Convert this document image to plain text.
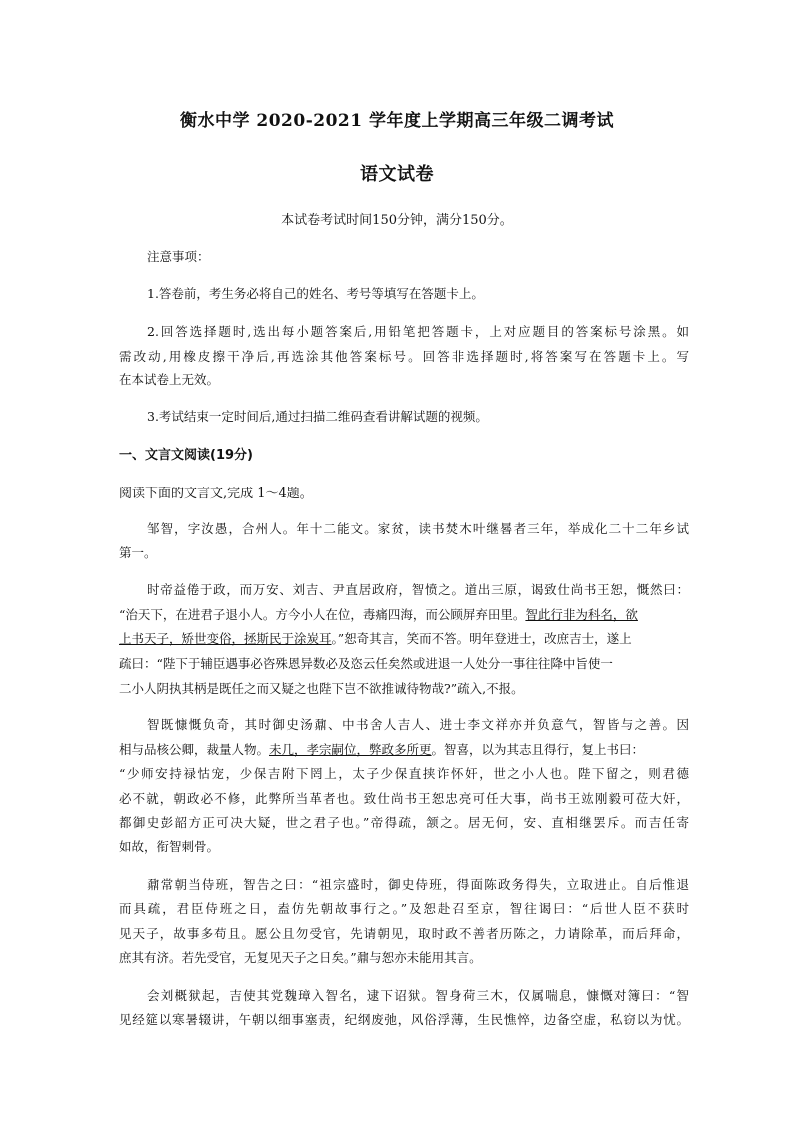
衡水中学 2020-2021 学年度上学期高三年级二调考试
语文试卷
本试卷考试时间150分钟，满分150分。
注意事项：
1.答卷前，考生务必将自己的姓名、考号等填写在答题卡上。
2.回答选择题时,选出每小题答案后,用铅笔把答题卡，上对应题目的答案标号涂黑。如
需改动,用橡皮擦干净后,再选涂其他答案标号。回答非选择题时,将答案写在答题卡上。写
在本试卷上无效。
3.考试结束一定时间后,通过扫描二维码查看讲解试题的视频。
一、文言文阅读(19分)
阅读下面的文言文,完成 1～4题。
邹智，字汝愚，合州人。年十二能文。家贫，读书焚木叶继晷者三年，举成化二十二年乡试
第一。
时帝益倦于政，而万安、刘吉、尹直居政府，智愤之。道出三原，谒致仕尚书王恕，慨然曰：
“治天下，在进君子退小人。方今小人在位，毒痛四海，而公顾屏弃田里。智此行非为科名，欲
上书天子，矫世变俗，拯斯民于涂炭耳。”恕奇其言，笑而不答。明年登进士，改庶吉士，遂上
疏曰：“陛下于辅臣遇事必咨殊恩异数必及恣云任矣然或进退一人处分一事往往降中旨使一
二小人阴执其柄是既任之而又疑之也陛下岂不欲推诚待物哉?”疏入,不报。
智既慷慨负奇，其时御史汤鼐、中书舍人吉人、进士李文祥亦并负意气，智皆与之善。因
相与品核公卿，裁量人物。未几，孝宗嗣位，弊政多所更。智喜，以为其志且得行，复上书曰：
“少师安持禄怙宠，少保吉附下罔上，太子少保直挟诈怀奸，世之小人也。陛下留之，则君德
必不就，朝政必不修，此弊所当革者也。致仕尚书王恕忠亮可任大事，尚书王竑刚毅可莅大奸，
都御史彭韶方正可决大疑，世之君子也。”帝得疏，颔之。居无何，安、直相继罢斥。而吉任寄
如故，衔智刺骨。
鼐常朝当侍班，智告之曰：“祖宗盛时，御史侍班，得面陈政务得失，立取进止。自后惟退
而具疏，君臣侍班之日，盍仿先朝故事行之。”及恕赴召至京，智往谒曰：“后世人臣不获时
见天子，故事多苟且。愿公且勿受官，先请朝见，取时政不善者历陈之，力请除革，而后拜命，
庶其有济。若先受官，无复见天子之日矣。”鼐与恕亦未能用其言。
会刘概狱起，吉使其党魏璋入智名，逮下诏狱。智身荷三木，仅属喘息，慷慨对簿曰：“智
见经筵以寒暑辍讲，午朝以细事塞责，纪纲废弛，风俗浮薄，生民憔悴，边备空虚，私窃以为忧。
